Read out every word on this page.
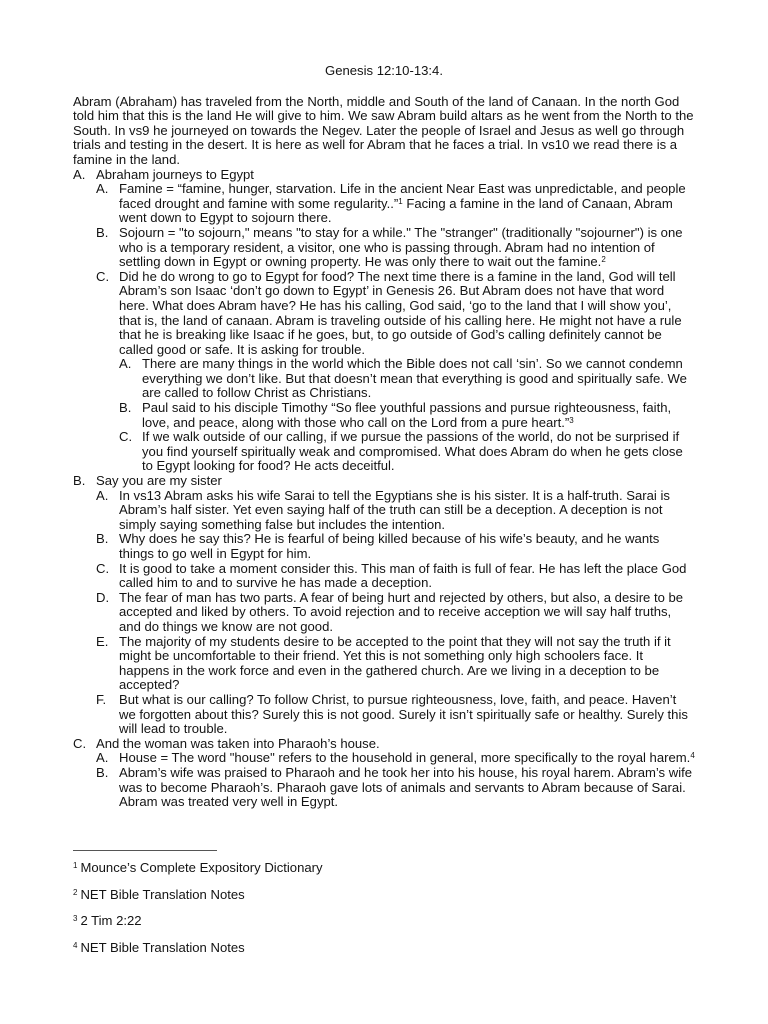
Genesis 12:10-13:4.

Abram (Abraham) has traveled from the North, middle and South of the land of Canaan. In the north God told him that this is the land He will give to him. We saw Abram build altars as he went from the North to the South. In vs9 he journeyed on towards the Negev. Later the people of Israel and Jesus as well go through trials and testing in the desert. It is here as well for Abram that he faces a trial. In vs10 we read there is a famine in the land.

A. Abraham journeys to Egypt
A. Famine = “famine, hunger, starvation. Life in the ancient Near East was unpredictable, and people faced drought and famine with some regularity..”$^1$ Facing a famine in the land of Canaan, Abram went down to Egypt to sojourn there.
B. Sojourn = "to sojourn," means "to stay for a while." The "stranger" (traditionally "sojourner") is one who is a temporary resident, a visitor, one who is passing through. Abram had no intention of settling down in Egypt or owning property. He was only there to wait out the famine.$^2$
C. Did he do wrong to go to Egypt for food? The next time there is a famine in the land, God will tell Abram’s son Isaac ‘don’t go down to Egypt’ in Genesis 26. But Abram does not have that word here. What does Abram have? He has his calling, God said, ‘go to the land that I will show you’, that is, the land of canaan. Abram is traveling outside of his calling here. He might not have a rule that he is breaking like Isaac if he goes, but, to go outside of God’s calling definitely cannot be called good or safe. It is asking for trouble.
A. There are many things in the world which the Bible does not call ‘sin’. So we cannot condemn everything we don’t like. But that doesn’t mean that everything is good and spiritually safe. We are called to follow Christ as Christians.
B. Paul said to his disciple Timothy “So flee youthful passions and pursue righteousness, faith, love, and peace, along with those who call on the Lord from a pure heart.”$^3$
C. If we walk outside of our calling, if we pursue the passions of the world, do not be surprised if you find yourself spiritually weak and compromised. What does Abram do when he gets close to Egypt looking for food? He acts deceitful.
B. Say you are my sister
A. In vs13 Abram asks his wife Sarai to tell the Egyptians she is his sister. It is a half-truth. Sarai is Abram’s half sister. Yet even saying half of the truth can still be a deception. A deception is not simply saying something false but includes the intention.
B. Why does he say this? He is fearful of being killed because of his wife’s beauty, and he wants things to go well in Egypt for him.
C. It is good to take a moment consider this. This man of faith is full of fear. He has left the place God called him to and to survive he has made a deception.
D. The fear of man has two parts. A fear of being hurt and rejected by others, but also, a desire to be accepted and liked by others. To avoid rejection and to receive acception we will say half truths, and do things we know are not good.
E. The majority of my students desire to be accepted to the point that they will not say the truth if it might be uncomfortable to their friend. Yet this is not something only high schoolers face. It happens in the work force and even in the gathered church. Are we living in a deception to be accepted?
F. But what is our calling? To follow Christ, to pursue righteousness, love, faith, and peace. Haven’t we forgotten about this? Surely this is not good. Surely it isn’t spiritually safe or healthy. Surely this will lead to trouble.
C. And the woman was taken into Pharaoh’s house.
A. House = The word "house" refers to the household in general, more specifically to the royal harem.$^4$
B. Abram’s wife was praised to Pharaoh and he took her into his house, his royal harem. Abram’s wife was to become Pharaoh’s. Pharaoh gave lots of animals and servants to Abram because of Sarai. Abram was treated very well in Egypt.
$^1$ Mounce’s Complete Expository Dictionary
$^2$ NET Bible Translation Notes
$^3$ 2 Tim 2:22
$^4$ NET Bible Translation Notes
